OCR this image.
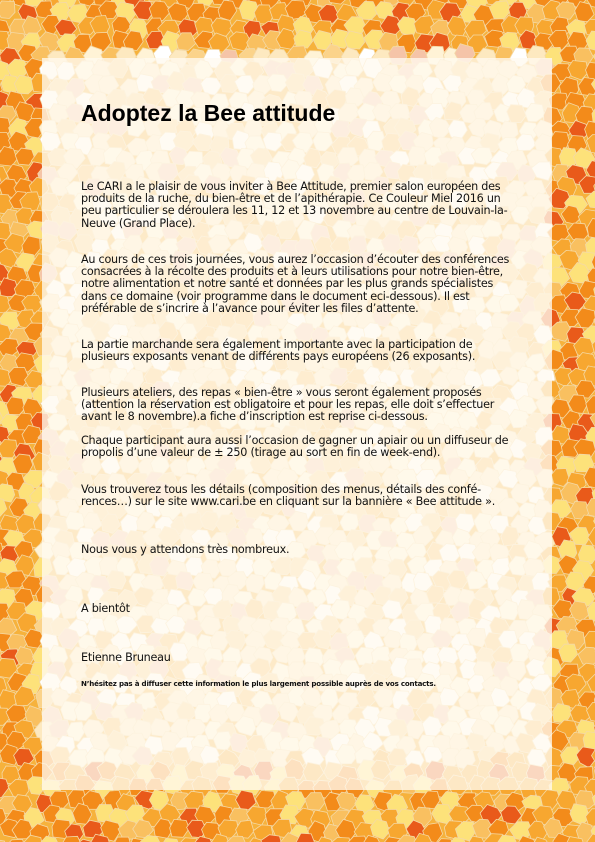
Adoptez la Bee attitude

Le CARI a le plaisir de vous inviter à Bee Attitude, premier salon européen des produits de la ruche, du bien-être et de l’apithérapie. Ce Couleur Miel 2016 un peu particulier se déroulera les 11, 12 et 13 novembre au centre de Louvain-la-Neuve (Grand Place).

Au cours de ces trois journées, vous aurez l’occasion d’écouter des conférences consacrées à la récolte des produits et à leurs utilisations pour notre bien-être, notre alimentation et notre santé et données par les plus grands spécialistes dans ce domaine (voir programme dans le document eci-dessous). Il est préférable de s’incrire à l’avance pour éviter les files d’attente.

La partie marchande sera également importante avec la participation de plusieurs exposants venant de différents pays européens (26 exposants).

Plusieurs ateliers, des repas « bien-être » vous seront également proposés (attention la réservation est obligatoire et pour les repas, elle doit s’effectuer avant le 8 novembre).a fiche d’inscription est reprise ci-dessous.

Chaque participant aura aussi l’occasion de gagner un apiair ou un diffuseur de propolis d’une valeur de ± 250 (tirage au sort en fin de week-end).

Vous trouverez tous les détails (composition des menus, détails des conférences…) sur le site www.cari.be en cliquant sur la bannière « Bee attitude ».

Nous vous y attendons très nombreux.

A bientôt

Etienne Bruneau

N’hésitez pas à diffuser cette information le plus largement possible auprès de vos contacts.
